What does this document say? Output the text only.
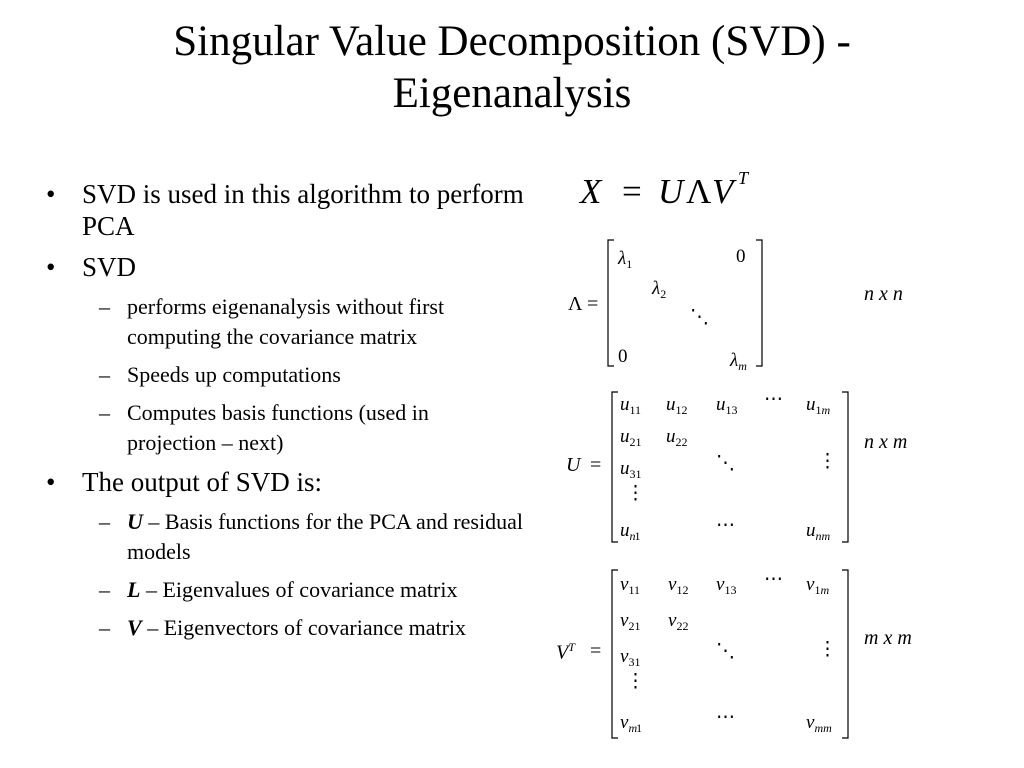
Singular Value Decomposition (SVD) -
Eigenanalysis
• SVD is used in this algorithm to perform PCA
• SVD
– performs eigenanalysis without first computing the covariance matrix
– Speeds up computations
– Computes basis functions (used in projection – next)
• The output of SVD is:
– U – Basis functions for the PCA and residual models
– L – Eigenvalues of covariance matrix
– V – Eigenvectors of covariance matrix
X = U Λ V T
Λ =
$\lambda_1$	0
$\lambda_2$
⋱
0	$\lambda_m$
n x n
U =
$u_{11}$ $u_{12}$ $u_{13}$ ⋯ $u_{1m}$
$u_{21}$ $u_{22}$
$u_{31}$	⋱	⋮
⋮
$u_{n1}$	⋯	$u_{nm}$
n x m
$V^T$ =
$v_{11}$ $v_{12}$ $v_{13}$ ⋯ $v_{1m}$
$v_{21}$ $v_{22}$
$v_{31}$	⋱	⋮
⋮
$v_{m1}$	⋯	$v_{mm}$
m x m
